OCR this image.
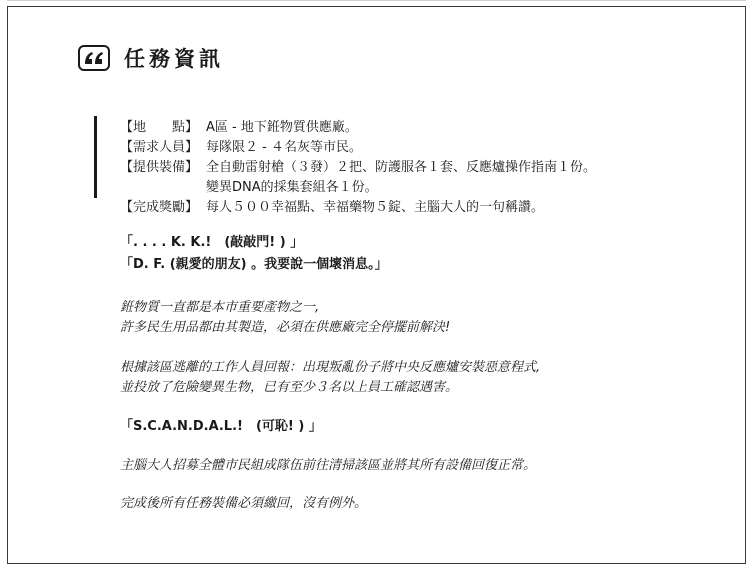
任務資訊
【地　　點】 A區 - 地下銋物質供應廠。
【需求人員】 每隊限２ - ４名灰等市民。
【提供裝備】 全自動雷射槍（３發）２把、防護服各１套、反應爐操作指南１份。
變異DNA的採集套組各１份。
【完成獎勵】 每人５００幸福點、幸福藥物５錠、主腦大人的一句稱讚。
「. . . . K. K.!　(敲敲門! ) 」
「D. F. (親愛的朋友) 。我要說一個壞消息。」
銋物質一直都是本市重要產物之一,
許多民生用品都由其製造，必須在供應廠完全停擺前解決!
根據該區逃離的工作人員回報：出現叛亂份子將中央反應爐安裝惡意程式,
並投放了危險變異生物，已有至少３名以上員工確認遇害。
「S.C.A.N.D.A.L.!　(可恥! ) 」
主腦大人招募全體市民組成隊伍前往清掃該區並將其所有設備回復正常。
完成後所有任務裝備必須繳回，沒有例外。
